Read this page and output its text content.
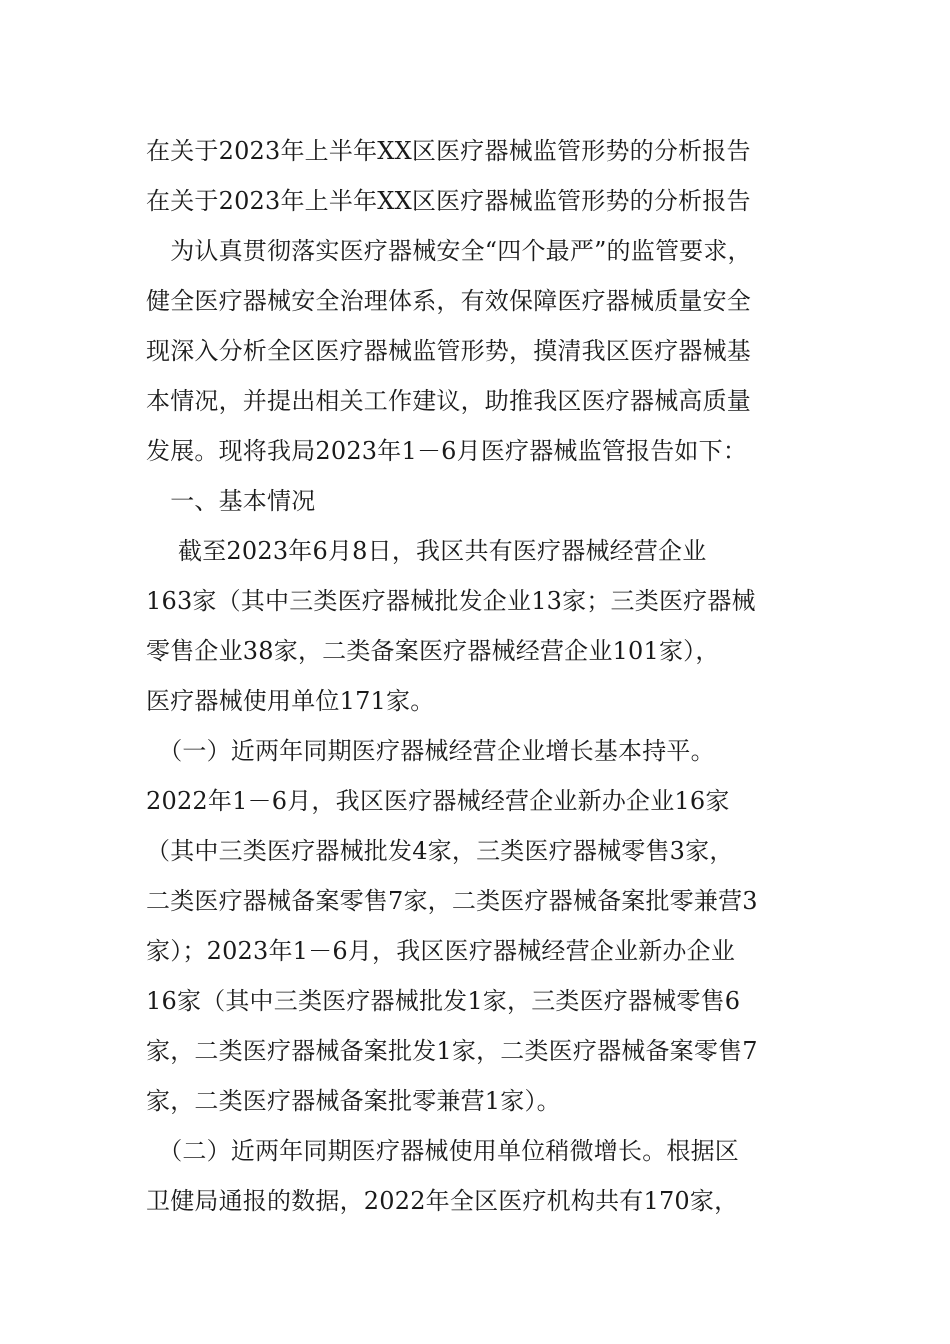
在关于2023年上半年XX区医疗器械监管形势的分析报告
在关于2023年上半年XX区医疗器械监管形势的分析报告
　为认真贯彻落实医疗器械安全“四个最严”的监管要求，
健全医疗器械安全治理体系，有效保障医疗器械质量安全
现深入分析全区医疗器械监管形势，摸清我区医疗器械基
本情况，并提出相关工作建议，助推我区医疗器械高质量
发展。现将我局2023年1－6月医疗器械监管报告如下：
　一、基本情况
　 截至2023年6月8日，我区共有医疗器械经营企业
163家（其中三类医疗器械批发企业13家；三类医疗器械
零售企业38家，二类备案医疗器械经营企业101家），
医疗器械使用单位171家。
　（一）近两年同期医疗器械经营企业增长基本持平。
2022年1－6月，我区医疗器械经营企业新办企业16家
（其中三类医疗器械批发4家，三类医疗器械零售3家，
二类医疗器械备案零售7家，二类医疗器械备案批零兼营3
家）；2023年1－6月，我区医疗器械经营企业新办企业
16家（其中三类医疗器械批发1家，三类医疗器械零售6
家，二类医疗器械备案批发1家，二类医疗器械备案零售7
家，二类医疗器械备案批零兼营1家）。
　（二）近两年同期医疗器械使用单位稍微增长。根据区
卫健局通报的数据，2022年全区医疗机构共有170家，
